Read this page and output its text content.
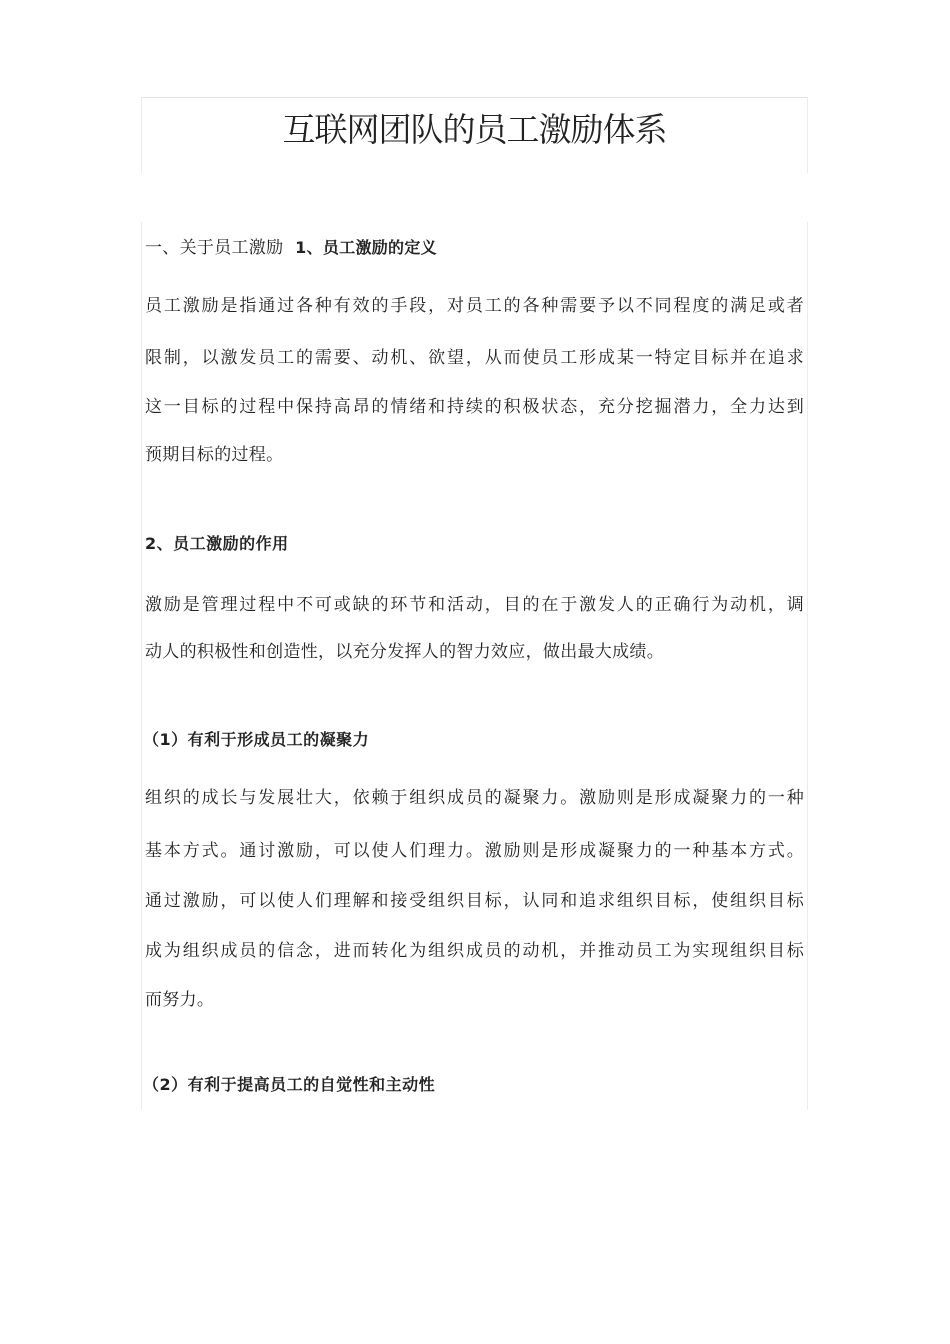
互联网团队的员工激励体系
一、关于员工激励 1、员工激励的定义
员工激励是指通过各种有效的手段，对员工的各种需要予以不同程度的满足或者
限制，以激发员工的需要、动机、欲望，从而使员工形成某一特定目标并在追求
这一目标的过程中保持高昂的情绪和持续的积极状态，充分挖掘潜力，全力达到
预期目标的过程。
2、员工激励的作用
激励是管理过程中不可或缺的环节和活动，目的在于激发人的正确行为动机，调
动人的积极性和创造性，以充分发挥人的智力效应，做出最大成绩。
（1）有利于形成员工的凝聚力
组织的成长与发展壮大，依赖于组织成员的凝聚力。激励则是形成凝聚力的一种
基本方式。通讨激励，可以使人们理力。激励则是形成凝聚力的一种基本方式。
通过激励，可以使人们理解和接受组织目标，认同和追求组织目标，使组织目标
成为组织成员的信念，进而转化为组织成员的动机，并推动员工为实现组织目标
而努力。
（2）有利于提高员工的自觉性和主动性
